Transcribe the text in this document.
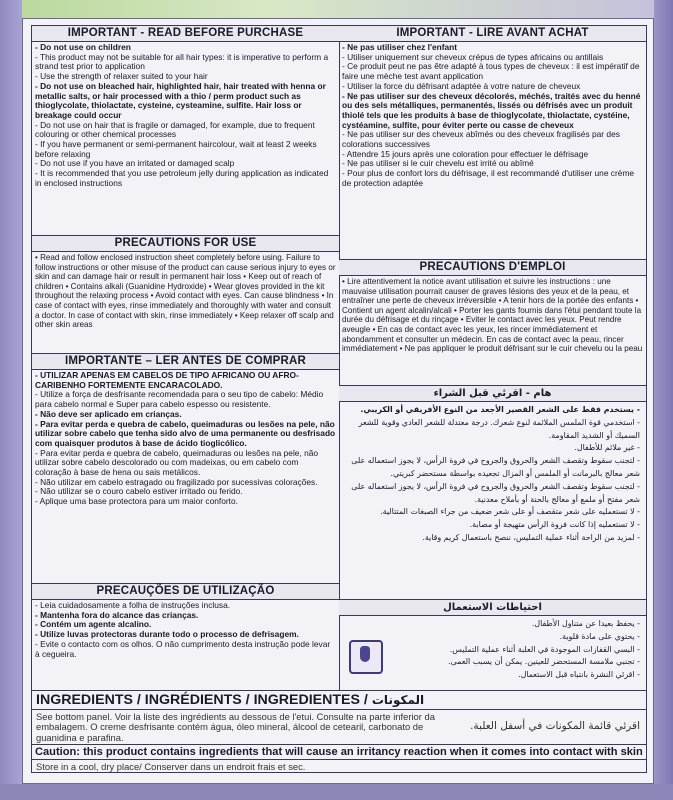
IMPORTANT - READ BEFORE PURCHASE
- Do not use on children
- This product may not be suitable for all hair types: it is imperative to perform a strand test prior to application
- Use the strength of relaxer suited to your hair
- Do not use on bleached hair, highlighted hair, hair treated with henna or metallic salts, or hair processed with a thio / perm product such as thioglycolate, thiolactate, cysteine, cysteamine, sulfite. Hair loss or breakage could occur
- Do not use on hair that is fragile or damaged, for example, due to frequent colouring or other chemical processes
- If you have permanent or semi-permanent haircolour, wait at least 2 weeks before relaxing
- Do not use if you have an irritated or damaged scalp
- It is recommended that you use petroleum jelly during application as indicated in enclosed instructions
PRECAUTIONS FOR USE
• Read and follow enclosed instruction sheet completely before using. Failure to follow instructions or other misuse of the product can cause serious injury to eyes or skin and can damage hair or result in permanent hair loss • Keep out of reach of children • Contains alkali (Guanidine Hydroxide) • Wear gloves provided in the kit throughout the relaxing process • Avoid contact with eyes. Can cause blindness • In case of contact with eyes, rinse immediately and thoroughly with water and consult a doctor. In case of contact with skin, rinse immediately • Keep relaxer off scalp and other skin areas
IMPORTANTE – LER ANTES DE COMPRAR
- UTILIZAR APENAS EM CABELOS DE TIPO AFRICANO OU AFRO-CARIBENHO FORTEMENTE ENCARACOLADO.
- Utilize a força de desfrisante recomendada para o seu tipo de cabelo: Médio para cabelo normal e Super para cabelo espesso ou resistente.
- Não deve ser aplicado em crianças.
- Para evitar perda e quebra de cabelo, queimaduras ou lesões na pele, não utilizar sobre cabelo que tenha sido alvo de uma permanente ou desfrisado com quaisquer produtos à base de ácido tioglicólico.
- Para evitar perda e quebra de cabelo, queimaduras ou lesões na pele, não utilizar sobre cabelo descolorado ou com madeixas, ou em cabelo com coloração à base de hena ou sais metálicos.
- Não utilizar em cabelo estragado ou fragilizado por sucessivas colorações.
- Não utilizar se o couro cabelo estiver irritado ou ferido.
- Aplique uma base protectora para um maior conforto.
PRECAUÇÕES DE UTILIZAÇÃO
- Leia cuidadosamente a folha de instruções inclusa.
- Mantenha fora do alcance das crianças.
- Contém um agente alcalino.
- Utilize luvas protectoras durante todo o processo de defrisagem.
- Evite o contacto com os olhos. O não cumprimento desta instrução pode levar à cegueira.
IMPORTANT - LIRE AVANT ACHAT
- Ne pas utiliser chez l'enfant
- Utiliser uniquement sur cheveux crépus de types africains ou antillais
- Ce produit peut ne pas être adapté à tous types de cheveux : il est impératif de faire une mèche test avant application
- Utiliser la force du défrisant adaptée à votre nature de cheveux
- Ne pas utiliser sur des cheveux décolorés, méchés, traités avec du henné ou des sels métalliques, permanentés, lissés ou défrisés avec un produit thiolé tels que les produits à base de thioglycolate, thiolactate, cystéine, cystéamine, sulfite, pour éviter perte ou casse de cheveux
- Ne pas utiliser sur des cheveux abîmés ou des cheveux fragilisés par des colorations successives
- Attendre 15 jours après une coloration pour effectuer le défrisage
- Ne pas utiliser si le cuir chevelu est irrité ou abîmé
- Pour plus de confort lors du défrisage, il est recommandé d'utiliser une crème de protection adaptée
PRECAUTIONS D'EMPLOI
• Lire attentivement la notice avant utilisation et suivre les instructions : une mauvaise utilisation pourrait causer de graves lésions des yeux et de la peau, et entraîner une perte de cheveux irréversible • A tenir hors de la portée des enfants • Contient un agent alcalin/alcali • Porter les gants fournis dans l'étui pendant toute la durée du défrisage et du rinçage • Eviter le contact avec les yeux. Peut rendre aveugle • En cas de contact avec les yeux, les rincer immédiatement et abondamment et consulter un médecin. En cas de contact avec la peau, rincer immédiatement • Ne pas appliquer le produit défrisant sur le cuir chevelu ou la peau
هام - اقرئي قبل الشراء
- يستخدم فقط على الشعر القصير الأجعد من النوع الأفريقي أو الكريبي.
- استخدمي قوة الملمس الملائمة لنوع شعرك. درجة معتدلة للشعر العادي وقوية للشعر السميك أو الشديد المقاومة.
- غير ملائم للأطفال.
- لتجنب سقوط وتقصف الشعر والحروق والجروح في فروة الرأس، لا يجوز استعماله على شعر معالج بالبرمانت أو الملمس أو المزال تجعيده بواسطة مستحضر كبريتي.
- لتجنب سقوط وتقصف الشعر والحروق والجروح في فروة الرأس، لا يجوز استعماله على شعر مفتح أو ملمع أو معالج بالحنة أو بأملاح معدنية.
- لا تستعمليه على شعر متقصف أو على شعر ضعيف من جراء الصبغات المتتالية.
- لا تستعمليه إذا كانت فروة الرأس متهيجة أو مصابة.
- لمزيد من الراحة أثناء عملية التمليس، ننصح باستعمال كريم وقاية.
احتياطات الاستعمال
- يحفظ بعيدا عن متناول الأطفال.
- يحتوي على مادة قلوية.
- البسي القفازات الموجودة في العلبة أثناء عملية التمليس.
- تجنبي ملامسة المستحضر للعينين. يمكن أن يسبب العمى.
- اقرئي النشرة بانتباه قبل الاستعمال.
INGREDIENTS / INGRÉDIENTS / INGREDIENTES / المكونات
See bottom panel. Voir la liste des ingrédients au dessous de l'etui. Consulte na parte inferior da embalagem. O creme desfrisante contém água, óleo mineral, álcool de cetearil, carbonato de guanidina e parafina.
اقرئي قائمة المكونات في أسفل العلبة.
Caution: this product contains ingredients that will cause an irritancy reaction when it comes into contact with skin
Store in a cool, dry place/ Conserver dans un endroit frais et sec.
